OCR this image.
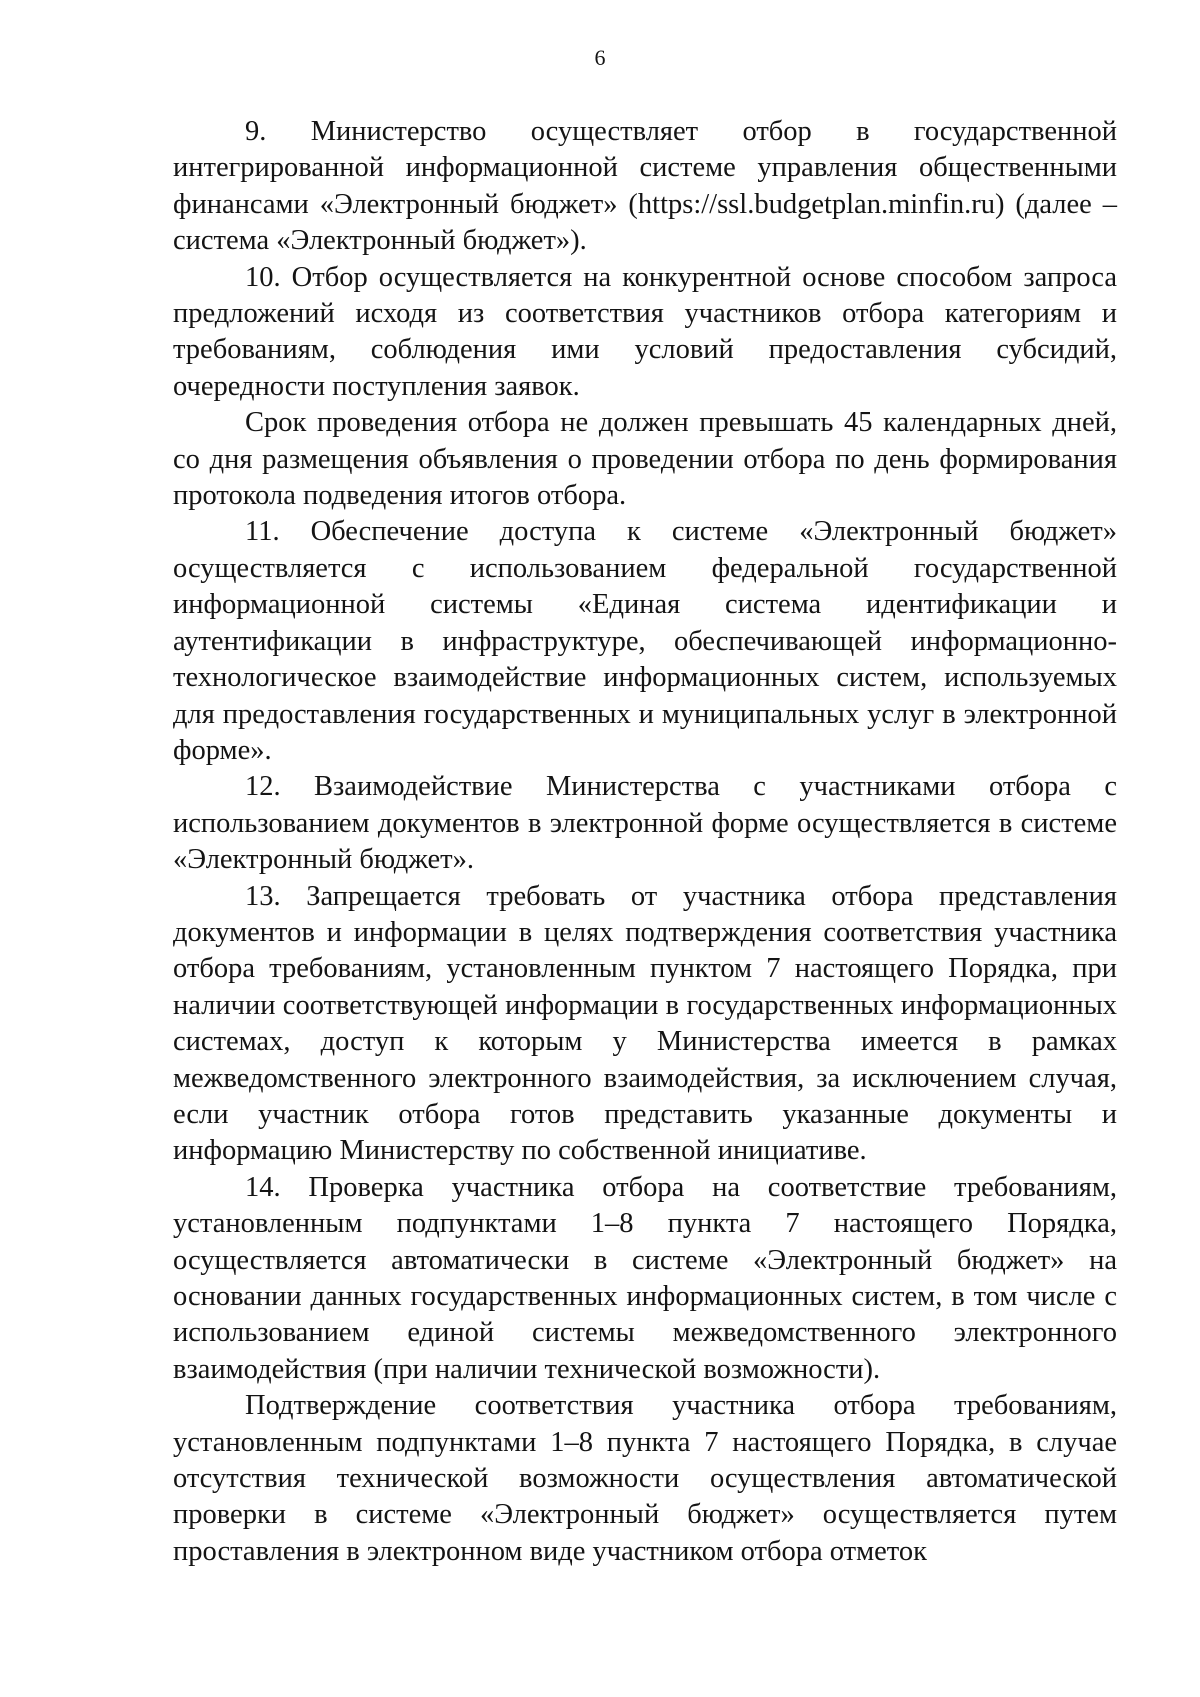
6

9. Министерство осуществляет отбор в государственной интегрированной информационной системе управления общественными финансами «Электронный бюджет» (https://ssl.budgetplan.minfin.ru) (далее – система «Электронный бюджет»).

10. Отбор осуществляется на конкурентной основе способом запроса предложений исходя из соответствия участников отбора категориям и требованиям, соблюдения ими условий предоставления субсидий, очередности поступления заявок.

Срок проведения отбора не должен превышать 45 календарных дней, со дня размещения объявления о проведении отбора по день формирования протокола подведения итогов отбора.

11. Обеспечение доступа к системе «Электронный бюджет» осуществляется с использованием федеральной государственной информационной системы «Единая система идентификации и аутентификации в инфраструктуре, обеспечивающей информационно-технологическое взаимодействие информационных систем, используемых для предоставления государственных и муниципальных услуг в электронной форме».

12. Взаимодействие Министерства с участниками отбора с использованием документов в электронной форме осуществляется в системе «Электронный бюджет».

13. Запрещается требовать от участника отбора представления документов и информации в целях подтверждения соответствия участника отбора требованиям, установленным пунктом 7 настоящего Порядка, при наличии соответствующей информации в государственных информационных системах, доступ к которым у Министерства имеется в рамках межведомственного электронного взаимодействия, за исключением случая, если участник отбора готов представить указанные документы и информацию Министерству по собственной инициативе.

14. Проверка участника отбора на соответствие требованиям, установленным подпунктами 1–8 пункта 7 настоящего Порядка, осуществляется автоматически в системе «Электронный бюджет» на основании данных государственных информационных систем, в том числе с использованием единой системы межведомственного электронного взаимодействия (при наличии технической возможности).

Подтверждение соответствия участника отбора требованиям, установленным подпунктами 1–8 пункта 7 настоящего Порядка, в случае отсутствия технической возможности осуществления автоматической проверки в системе «Электронный бюджет» осуществляется путем проставления в электронном виде участником отбора отметок
